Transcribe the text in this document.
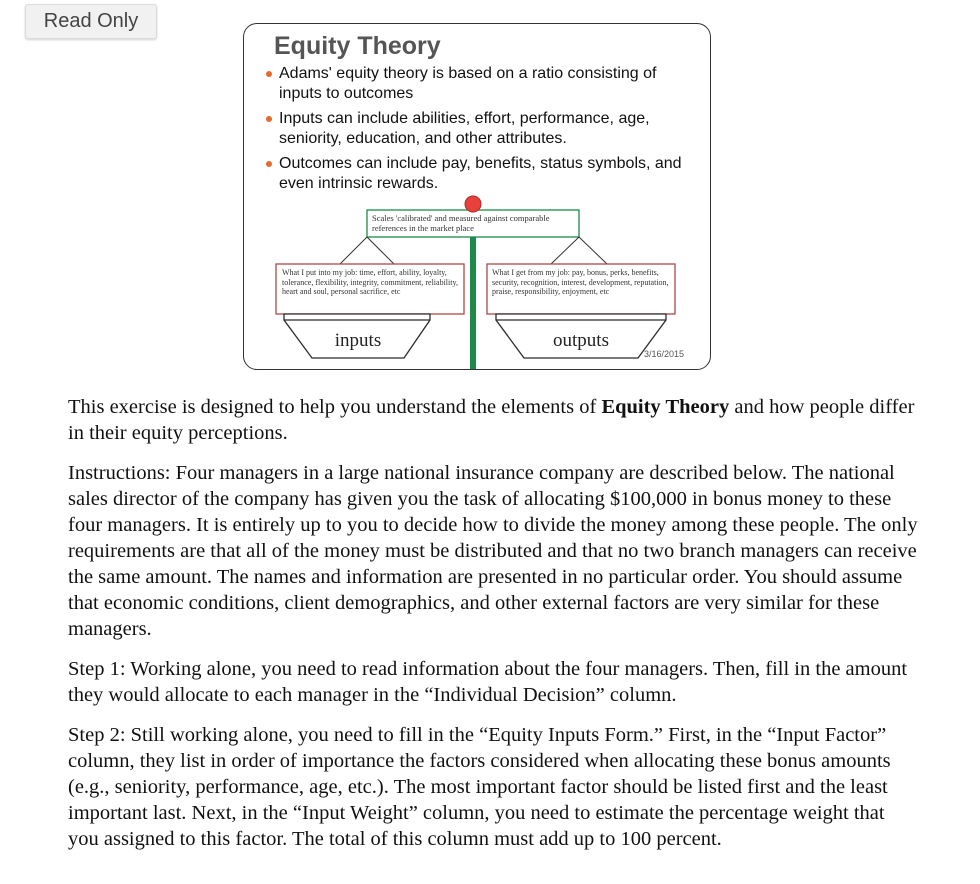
Read Only
Equity Theory
Adams' equity theory is based on a ratio consisting of inputs to outcomes
Inputs can include abilities, effort, performance, age, seniority, education, and other attributes.
Outcomes can include pay, benefits, status symbols, and even intrinsic rewards.
Scales 'calibrated' and measured against comparable references in the market place
What I put into my job: time, effort, ability, loyalty, tolerance, flexibility, integrity, commitment, reliability, heart and soul, personal sacrifice, etc
What I get from my job: pay, bonus, perks, benefits, security, recognition, interest, development, reputation, praise, responsibility, enjoyment, etc
inputs	outputs
3/16/2015

This exercise is designed to help you understand the elements of Equity Theory and how people differ in their equity perceptions.

Instructions: Four managers in a large national insurance company are described below. The national sales director of the company has given you the task of allocating $100,000 in bonus money to these four managers. It is entirely up to you to decide how to divide the money among these people. The only requirements are that all of the money must be distributed and that no two branch managers can receive the same amount. The names and information are presented in no particular order. You should assume that economic conditions, client demographics, and other external factors are very similar for these managers.

Step 1: Working alone, you need to read information about the four managers. Then, fill in the amount they would allocate to each manager in the “Individual Decision” column.

Step 2: Still working alone, you need to fill in the “Equity Inputs Form.” First, in the “Input Factor” column, they list in order of importance the factors considered when allocating these bonus amounts (e.g., seniority, performance, age, etc.). The most important factor should be listed first and the least important last. Next, in the “Input Weight” column, you need to estimate the percentage weight that you assigned to this factor. The total of this column must add up to 100 percent.
